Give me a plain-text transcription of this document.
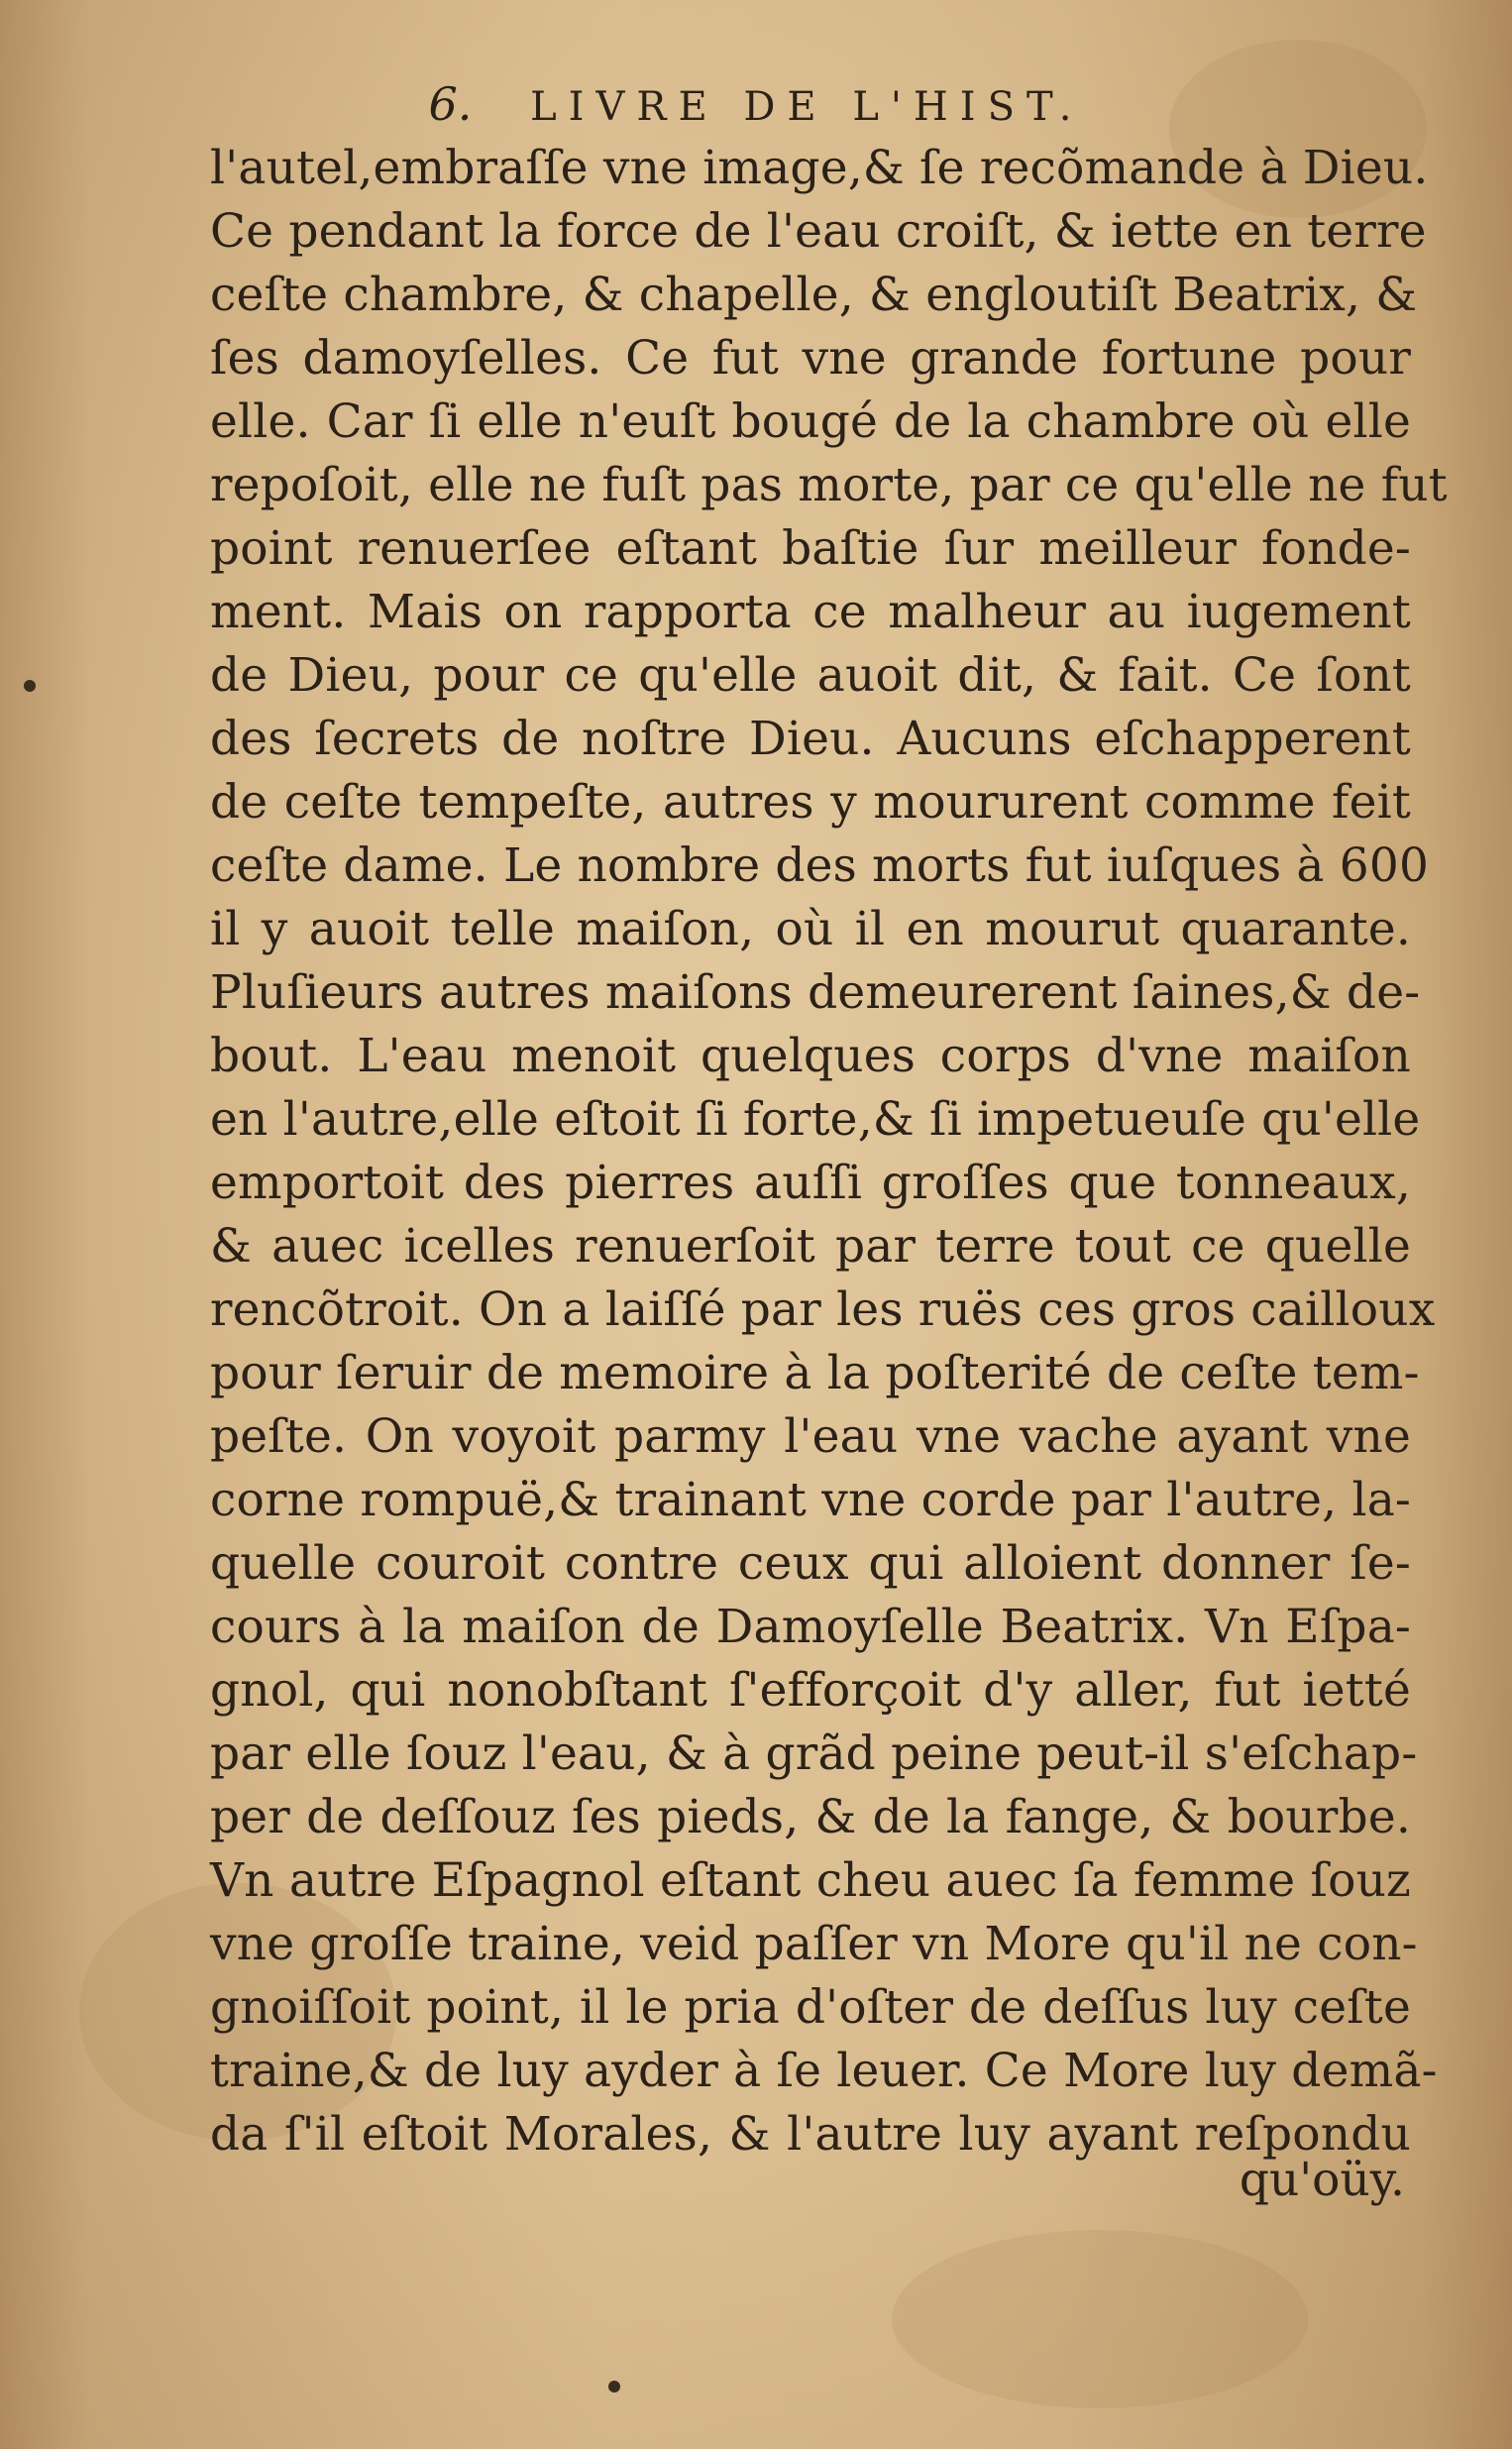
6. LIVRE DE L'HIST.
l'autel,embraſſe vne image,& ſe recõmande à Dieu.
Ce pendant la force de l'eau croiſt, & iette en terre
ceſte chambre, & chapelle, & engloutiſt Beatrix, &
ſes damoyſelles. Ce fut vne grande fortune pour
elle. Car ſi elle n'euſt bougé de la chambre où elle
repoſoit, elle ne fuſt pas morte, par ce qu'elle ne fut
point renuerſee eſtant baſtie ſur meilleur fonde-
ment. Mais on rapporta ce malheur au iugement
de Dieu, pour ce qu'elle auoit dit, & fait. Ce ſont
des ſecrets de noſtre Dieu. Aucuns eſchapperent
de ceſte tempeſte, autres y moururent comme feit
ceſte dame. Le nombre des morts fut iuſques à 600
il y auoit telle maiſon, où il en mourut quarante.
Pluſieurs autres maiſons demeurerent ſaines,& de-
bout. L'eau menoit quelques corps d'vne maiſon
en l'autre,elle eſtoit ſi forte,& ſi impetueuſe qu'elle
emportoit des pierres auſſi groſſes que tonneaux,
& auec icelles renuerſoit par terre tout ce quelle
rencõtroit. On a laiſſé par les ruës ces gros cailloux
pour ſeruir de memoire à la poſterité de ceſte tem-
peſte. On voyoit parmy l'eau vne vache ayant vne
corne rompuë,& trainant vne corde par l'autre, la-
quelle couroit contre ceux qui alloient donner ſe-
cours à la maiſon de Damoyſelle Beatrix. Vn Eſpa-
gnol, qui nonobſtant ſ'efforçoit d'y aller, fut ietté
par elle ſouz l'eau, & à grãd peine peut-il s'eſchap-
per de deſſouz ſes pieds, & de la fange, & bourbe.
Vn autre Eſpagnol eſtant cheu auec ſa femme ſouz
vne groſſe traine, veid paſſer vn More qu'il ne con-
gnoiſſoit point, il le pria d'oſter de deſſus luy ceſte
traine,& de luy ayder à ſe leuer. Ce More luy demã-
da ſ'il eſtoit Morales, & l'autre luy ayant reſpondu
qu'oüy.
